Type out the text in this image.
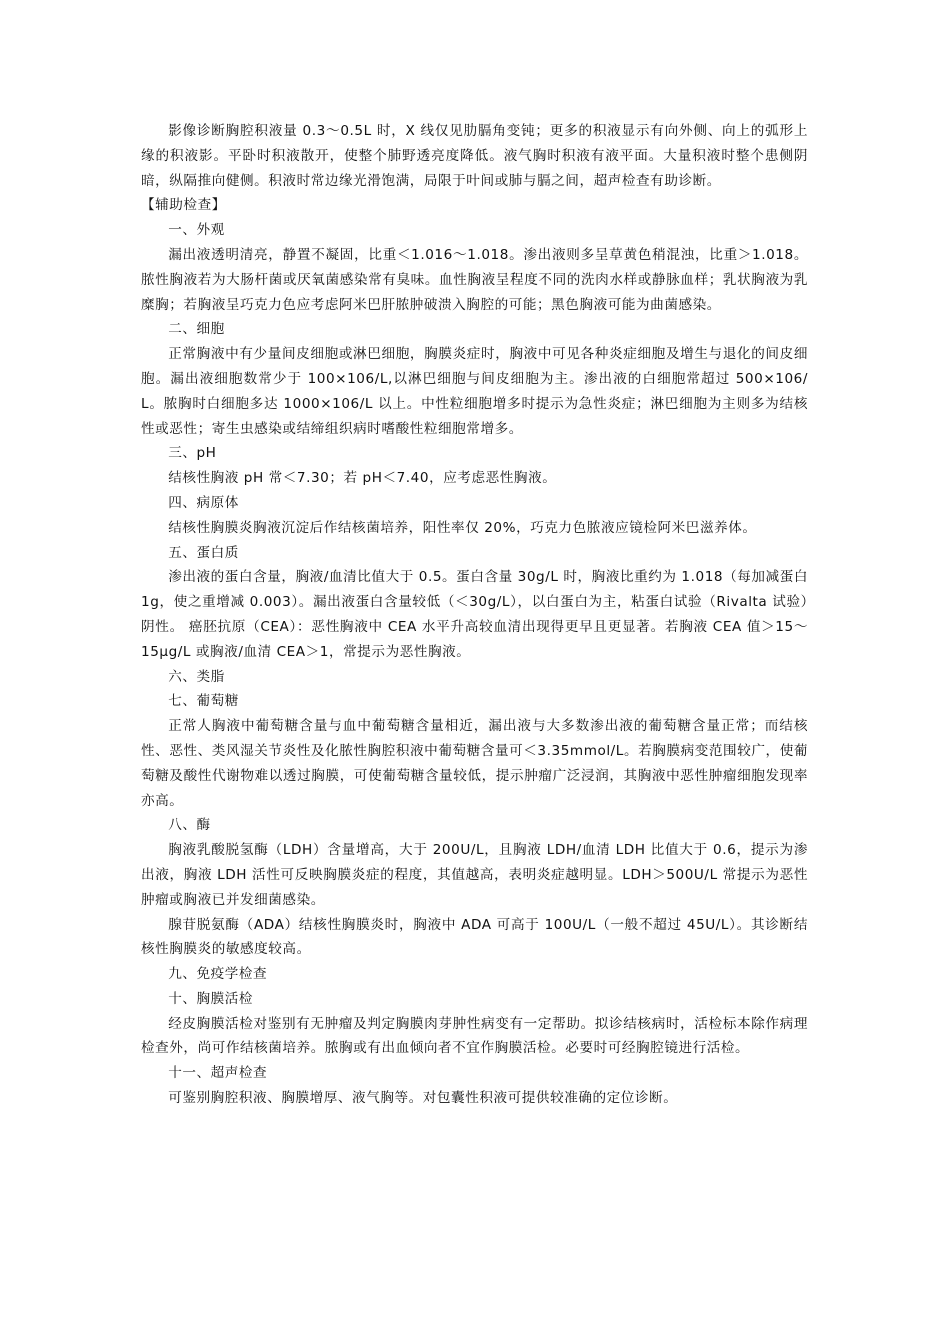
影像诊断胸腔积液量 0.3～0.5L 时，X 线仅见肋膈角变钝；更多的积液显示有向外侧、向上的弧形上缘的积液影。平卧时积液散开，使整个肺野透亮度降低。液气胸时积液有液平面。大量积液时整个患侧阴暗，纵隔推向健侧。积液时常边缘光滑饱满，局限于叶间或肺与膈之间，超声检查有助诊断。

【辅助检查】

一、外观

漏出液透明清亮，静置不凝固，比重＜1.016～1.018。渗出液则多呈草黄色稍混浊，比重＞1.018。脓性胸液若为大肠杆菌或厌氧菌感染常有臭味。血性胸液呈程度不同的洗肉水样或静脉血样；乳状胸液为乳糜胸；若胸液呈巧克力色应考虑阿米巴肝脓肿破溃入胸腔的可能；黑色胸液可能为曲菌感染。

二、细胞

正常胸液中有少量间皮细胞或淋巴细胞，胸膜炎症时，胸液中可见各种炎症细胞及增生与退化的间皮细胞。漏出液细胞数常少于 100×106/L,以淋巴细胞与间皮细胞为主。渗出液的白细胞常超过 500×106/L。脓胸时白细胞多达 1000×106/L 以上。中性粒细胞增多时提示为急性炎症；淋巴细胞为主则多为结核性或恶性；寄生虫感染或结缔组织病时嗜酸性粒细胞常增多。

三、pH

结核性胸液 pH 常＜7.30；若 pH＜7.40，应考虑恶性胸液。

四、病原体

结核性胸膜炎胸液沉淀后作结核菌培养，阳性率仅 20%，巧克力色脓液应镜检阿米巴滋养体。

五、蛋白质

渗出液的蛋白含量，胸液/血清比值大于 0.5。蛋白含量 30g/L 时，胸液比重约为 1.018（每加减蛋白 1g，使之重增减 0.003）。漏出液蛋白含量较低（＜30g/L），以白蛋白为主，粘蛋白试验（Rivalta 试验）阴性。 癌胚抗原（CEA）：恶性胸液中 CEA 水平升高较血清出现得更早且更显著。若胸液 CEA 值＞15～15μg/L 或胸液/血清 CEA＞1，常提示为恶性胸液。

六、类脂

七、葡萄糖

正常人胸液中葡萄糖含量与血中葡萄糖含量相近，漏出液与大多数渗出液的葡萄糖含量正常；而结核性、恶性、类风湿关节炎性及化脓性胸腔积液中葡萄糖含量可＜3.35mmol/L。若胸膜病变范围较广，使葡萄糖及酸性代谢物难以透过胸膜，可使葡萄糖含量较低，提示肿瘤广泛浸润，其胸液中恶性肿瘤细胞发现率亦高。

八、酶

胸液乳酸脱氢酶（LDH）含量增高，大于 200U/L，且胸液 LDH/血清 LDH 比值大于 0.6，提示为渗出液，胸液 LDH 活性可反映胸膜炎症的程度，其值越高，表明炎症越明显。LDH＞500U/L 常提示为恶性肿瘤或胸液已并发细菌感染。

腺苷脱氨酶（ADA）结核性胸膜炎时，胸液中 ADA 可高于 100U/L（一般不超过 45U/L）。其诊断结核性胸膜炎的敏感度较高。

九、免疫学检查

十、胸膜活检

经皮胸膜活检对鉴别有无肿瘤及判定胸膜肉芽肿性病变有一定帮助。拟诊结核病时，活检标本除作病理检查外，尚可作结核菌培养。脓胸或有出血倾向者不宜作胸膜活检。必要时可经胸腔镜进行活检。

十一、超声检查

可鉴别胸腔积液、胸膜增厚、液气胸等。对包囊性积液可提供较准确的定位诊断。
